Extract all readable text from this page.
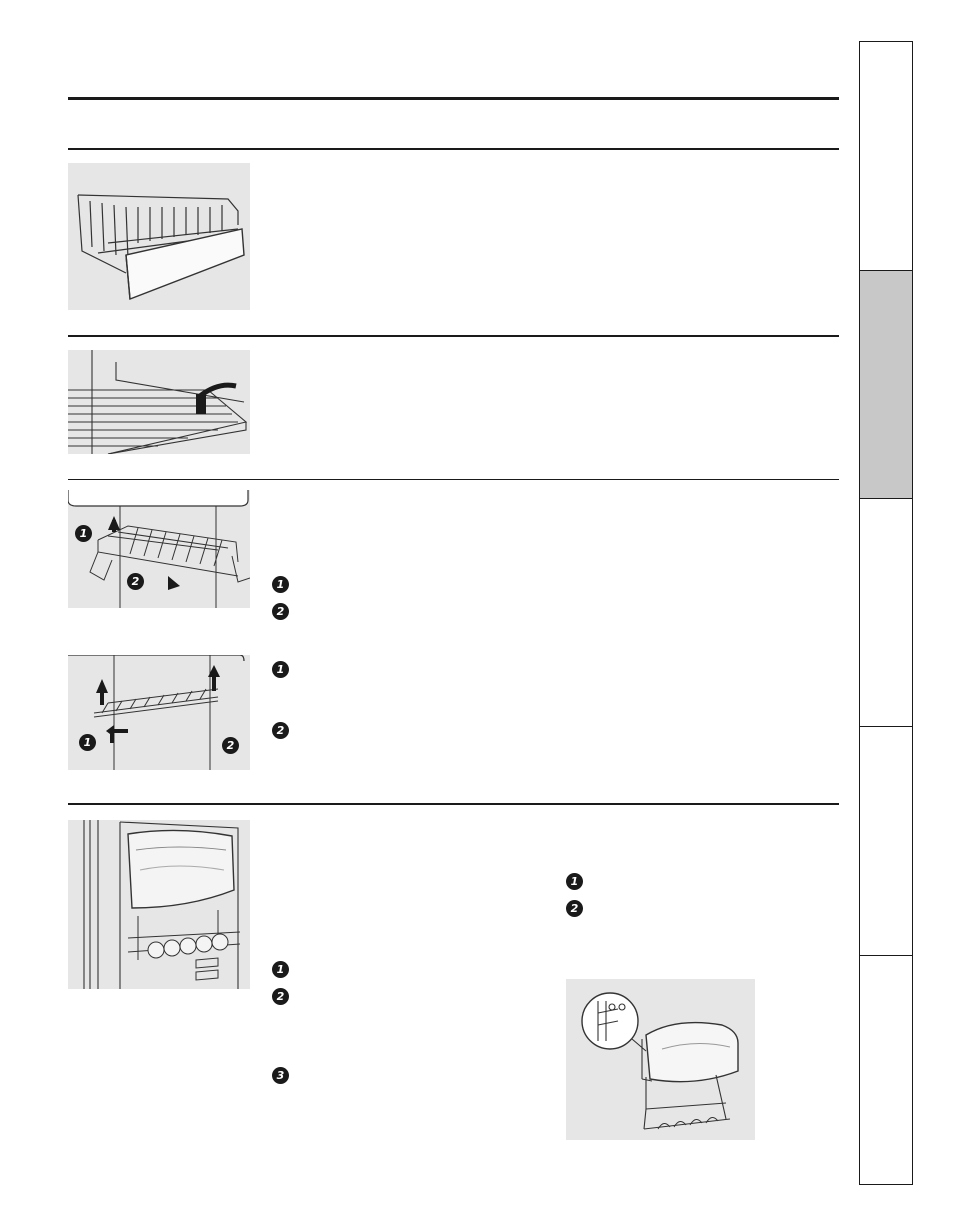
1
2	1
2
1	2
1
2
1
2
3
1
2
